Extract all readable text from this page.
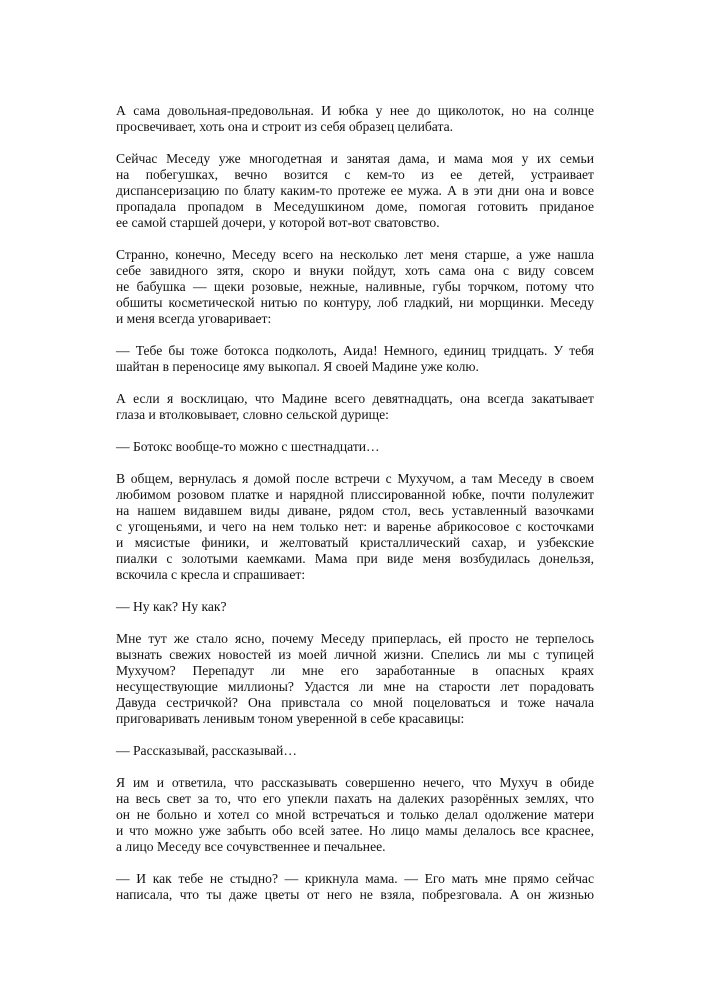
А сама довольная-предовольная. И юбка у нее до щиколоток, но на солнце
просвечивает, хоть она и строит из себя образец целибата.
Сейчас Меседу уже многодетная и занятая дама, и мама моя у их семьи
на побегушках, вечно возится с кем-то из ее детей, устраивает
диспансеризацию по блату каким-то протеже ее мужа. А в эти дни она и вовсе
пропадала пропадом в Меседушкином доме, помогая готовить приданое
ее самой старшей дочери, у которой вот-вот сватовство.
Странно, конечно, Меседу всего на несколько лет меня старше, а уже нашла
себе завидного зятя, скоро и внуки пойдут, хоть сама она с виду совсем
не бабушка — щеки розовые, нежные, наливные, губы торчком, потому что
обшиты косметической нитью по контуру, лоб гладкий, ни морщинки. Меседу
и меня всегда уговаривает:
— Тебе бы тоже ботокса подколоть, Аида! Немного, единиц тридцать. У тебя
шайтан в переносице яму выкопал. Я своей Мадине уже колю.
А если я восклицаю, что Мадине всего девятнадцать, она всегда закатывает
глаза и втолковывает, словно сельской дурище:
— Ботокс вообще-то можно с шестнадцати…
В общем, вернулась я домой после встречи с Мухучом, а там Меседу в своем
любимом розовом платке и нарядной плиссированной юбке, почти полулежит
на нашем видавшем виды диване, рядом стол, весь уставленный вазочками
с угощеньями, и чего на нем только нет: и варенье абрикосовое с косточками
и мясистые финики, и желтоватый кристаллический сахар, и узбекские
пиалки с золотыми каемками. Мама при виде меня возбудилась донельзя,
вскочила с кресла и спрашивает:
— Ну как? Ну как?
Мне тут же стало ясно, почему Меседу приперлась, ей просто не терпелось
вызнать свежих новостей из моей личной жизни. Спелись ли мы с тупицей
Мухучом? Перепадут ли мне его заработанные в опасных краях
несуществующие миллионы? Удастся ли мне на старости лет порадовать
Давуда сестричкой? Она привстала со мной поцеловаться и тоже начала
приговаривать ленивым тоном уверенной в себе красавицы:
— Рассказывай, рассказывай…
Я им и ответила, что рассказывать совершенно нечего, что Мухуч в обиде
на весь свет за то, что его упекли пахать на далеких разорённых землях, что
он не больно и хотел со мной встречаться и только делал одолжение матери
и что можно уже забыть обо всей затее. Но лицо мамы делалось все краснее,
а лицо Меседу все сочувственнее и печальнее.
— И как тебе не стыдно? — крикнула мама. — Его мать мне прямо сейчас
написала, что ты даже цветы от него не взяла, побрезговала. А он жизнью
